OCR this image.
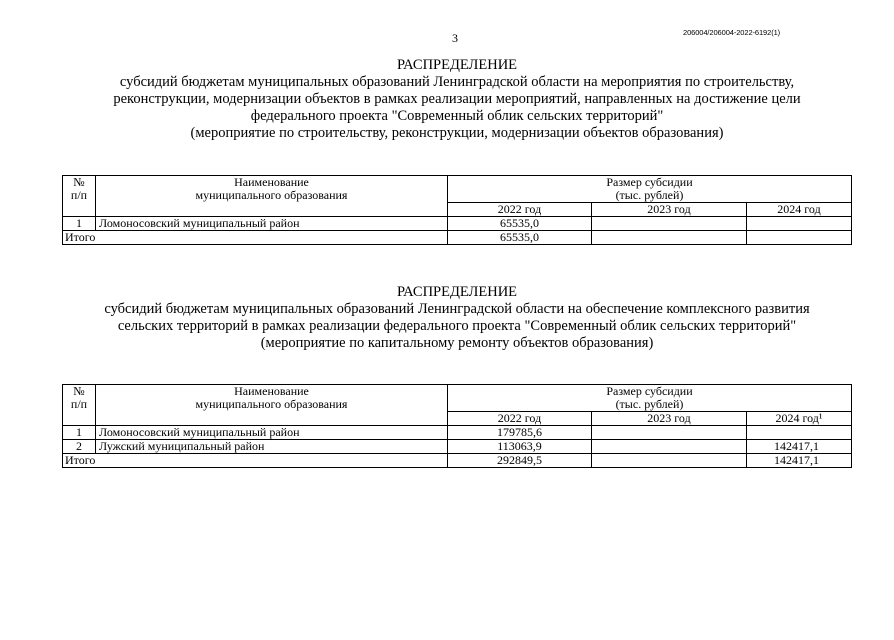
3	206004/206004-2022-6192(1)
РАСПРЕДЕЛЕНИЕ
субсидий бюджетам муниципальных образований Ленинградской области на мероприятия по строительству,
реконструкции, модернизации объектов в рамках реализации мероприятий, направленных на достижение цели
федерального проекта "Современный облик сельских территорий"
(мероприятие по строительству, реконструкции, модернизации объектов образования)
№
п/п	Наименование
муниципального образования	Размер субсидии
(тыс. рублей)		
		2022 год	2023 год	2024 год
1	Ломоносовский муниципальный район	65535,0		
Итого		65535,0		
РАСПРЕДЕЛЕНИЕ
субсидий бюджетам муниципальных образований Ленинградской области на обеспечение комплексного развития
сельских территорий в рамках реализации федерального проекта "Современный облик сельских территорий"
(мероприятие по капитальному ремонту объектов образования)
№
п/п	Наименование
муниципального образования	Размер субсидии
(тыс. рублей)		
		2022 год	2023 год	2024 год¹
1	Ломоносовский муниципальный район	179785,6		
2	Лужский муниципальный район	113063,9		142417,1
Итого		292849,5		142417,1
